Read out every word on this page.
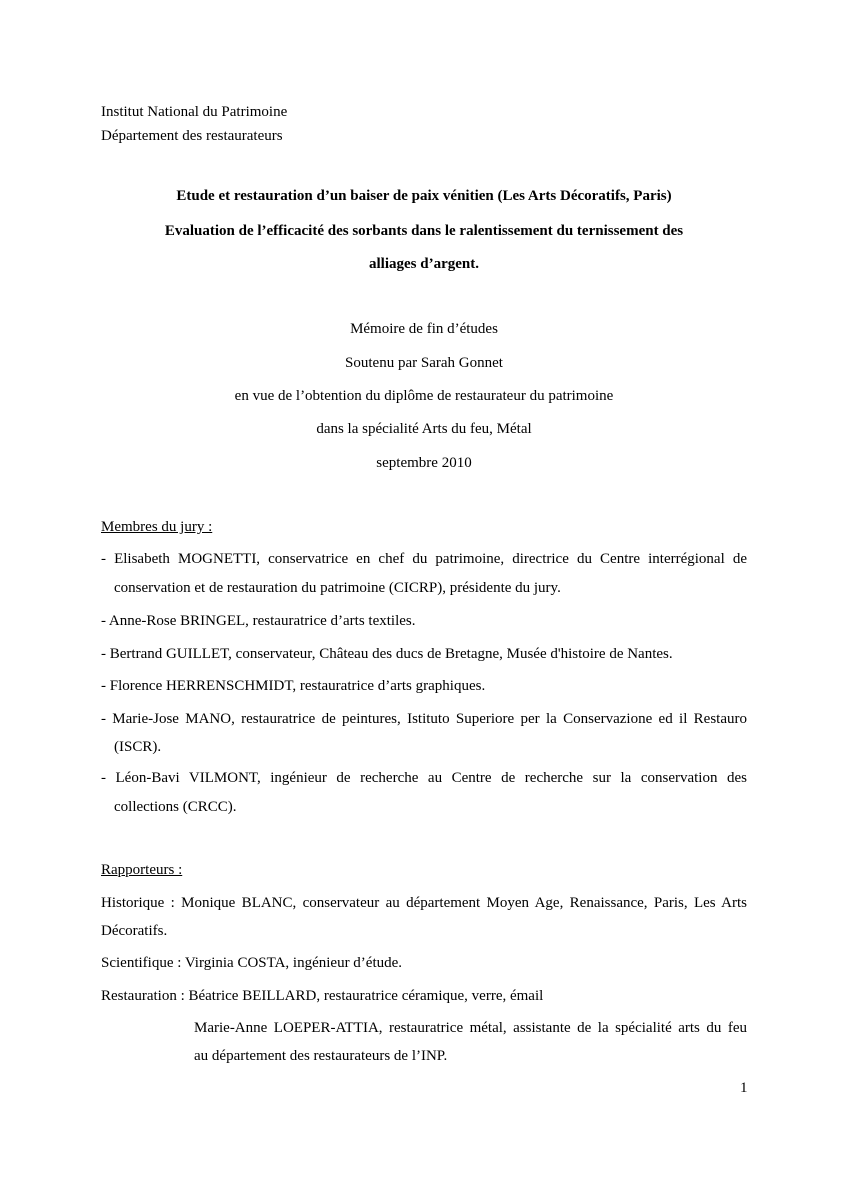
Institut National du Patrimoine
Département des restaurateurs
Etude et restauration d’un baiser de paix vénitien (Les Arts Décoratifs, Paris)
Evaluation de l’efficacité des sorbants dans le ralentissement du ternissement des
alliages d’argent.
Mémoire de fin d’études
Soutenu par Sarah Gonnet
en vue de l’obtention du diplôme de restaurateur du patrimoine
dans la spécialité Arts du feu, Métal
septembre 2010
Membres du jury :
- Elisabeth MOGNETTI, conservatrice en chef du patrimoine, directrice du Centre interrégional de
conservation et de restauration du patrimoine (CICRP), présidente du jury.
- Anne-Rose BRINGEL, restauratrice d’arts textiles.
- Bertrand GUILLET, conservateur, Château des ducs de Bretagne, Musée d'histoire de Nantes.
- Florence HERRENSCHMIDT, restauratrice d’arts graphiques.
- Marie-Jose MANO, restauratrice de peintures, Istituto Superiore per la Conservazione ed il Restauro
(ISCR).
- Léon-Bavi VILMONT, ingénieur de recherche au Centre de recherche sur la conservation des
collections (CRCC).
Rapporteurs :
Historique : Monique BLANC, conservateur au département Moyen Age, Renaissance, Paris, Les Arts
Décoratifs.
Scientifique : Virginia COSTA, ingénieur d’étude.
Restauration : Béatrice BEILLARD, restauratrice céramique, verre, émail
Marie-Anne LOEPER-ATTIA, restauratrice métal, assistante de la spécialité arts du feu
au département des restaurateurs de l’INP.
1
